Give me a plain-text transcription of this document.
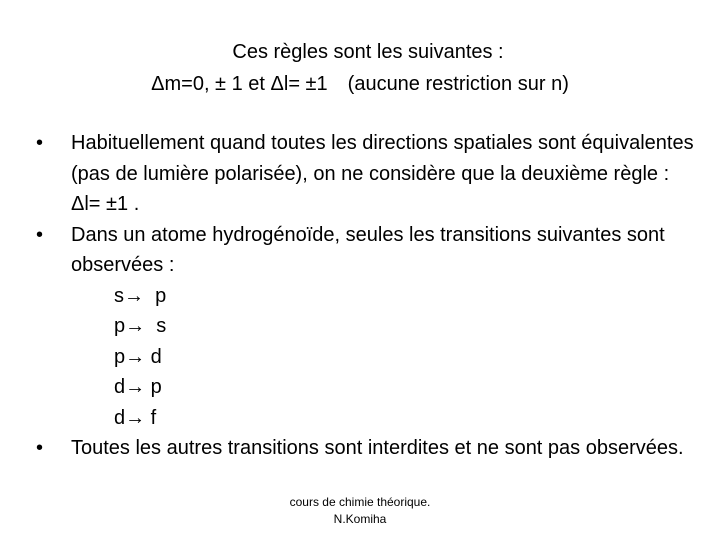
Ces règles sont les suivantes :
Δm=0, ± 1 et Δl= ±1 (aucune restriction sur n)
• Habituellement quand toutes les directions spatiales sont équivalentes (pas de lumière polarisée), on ne considère que la deuxième règle : Δl= ±1 .
• Dans un atome hydrogénoïde, seules les transitions suivantes sont observées :
s→  p
p→  s
p→ d
d→ p
d→ f
• Toutes les autres transitions sont interdites et ne sont pas observées.
cours de chimie théorique.
N.Komiha
